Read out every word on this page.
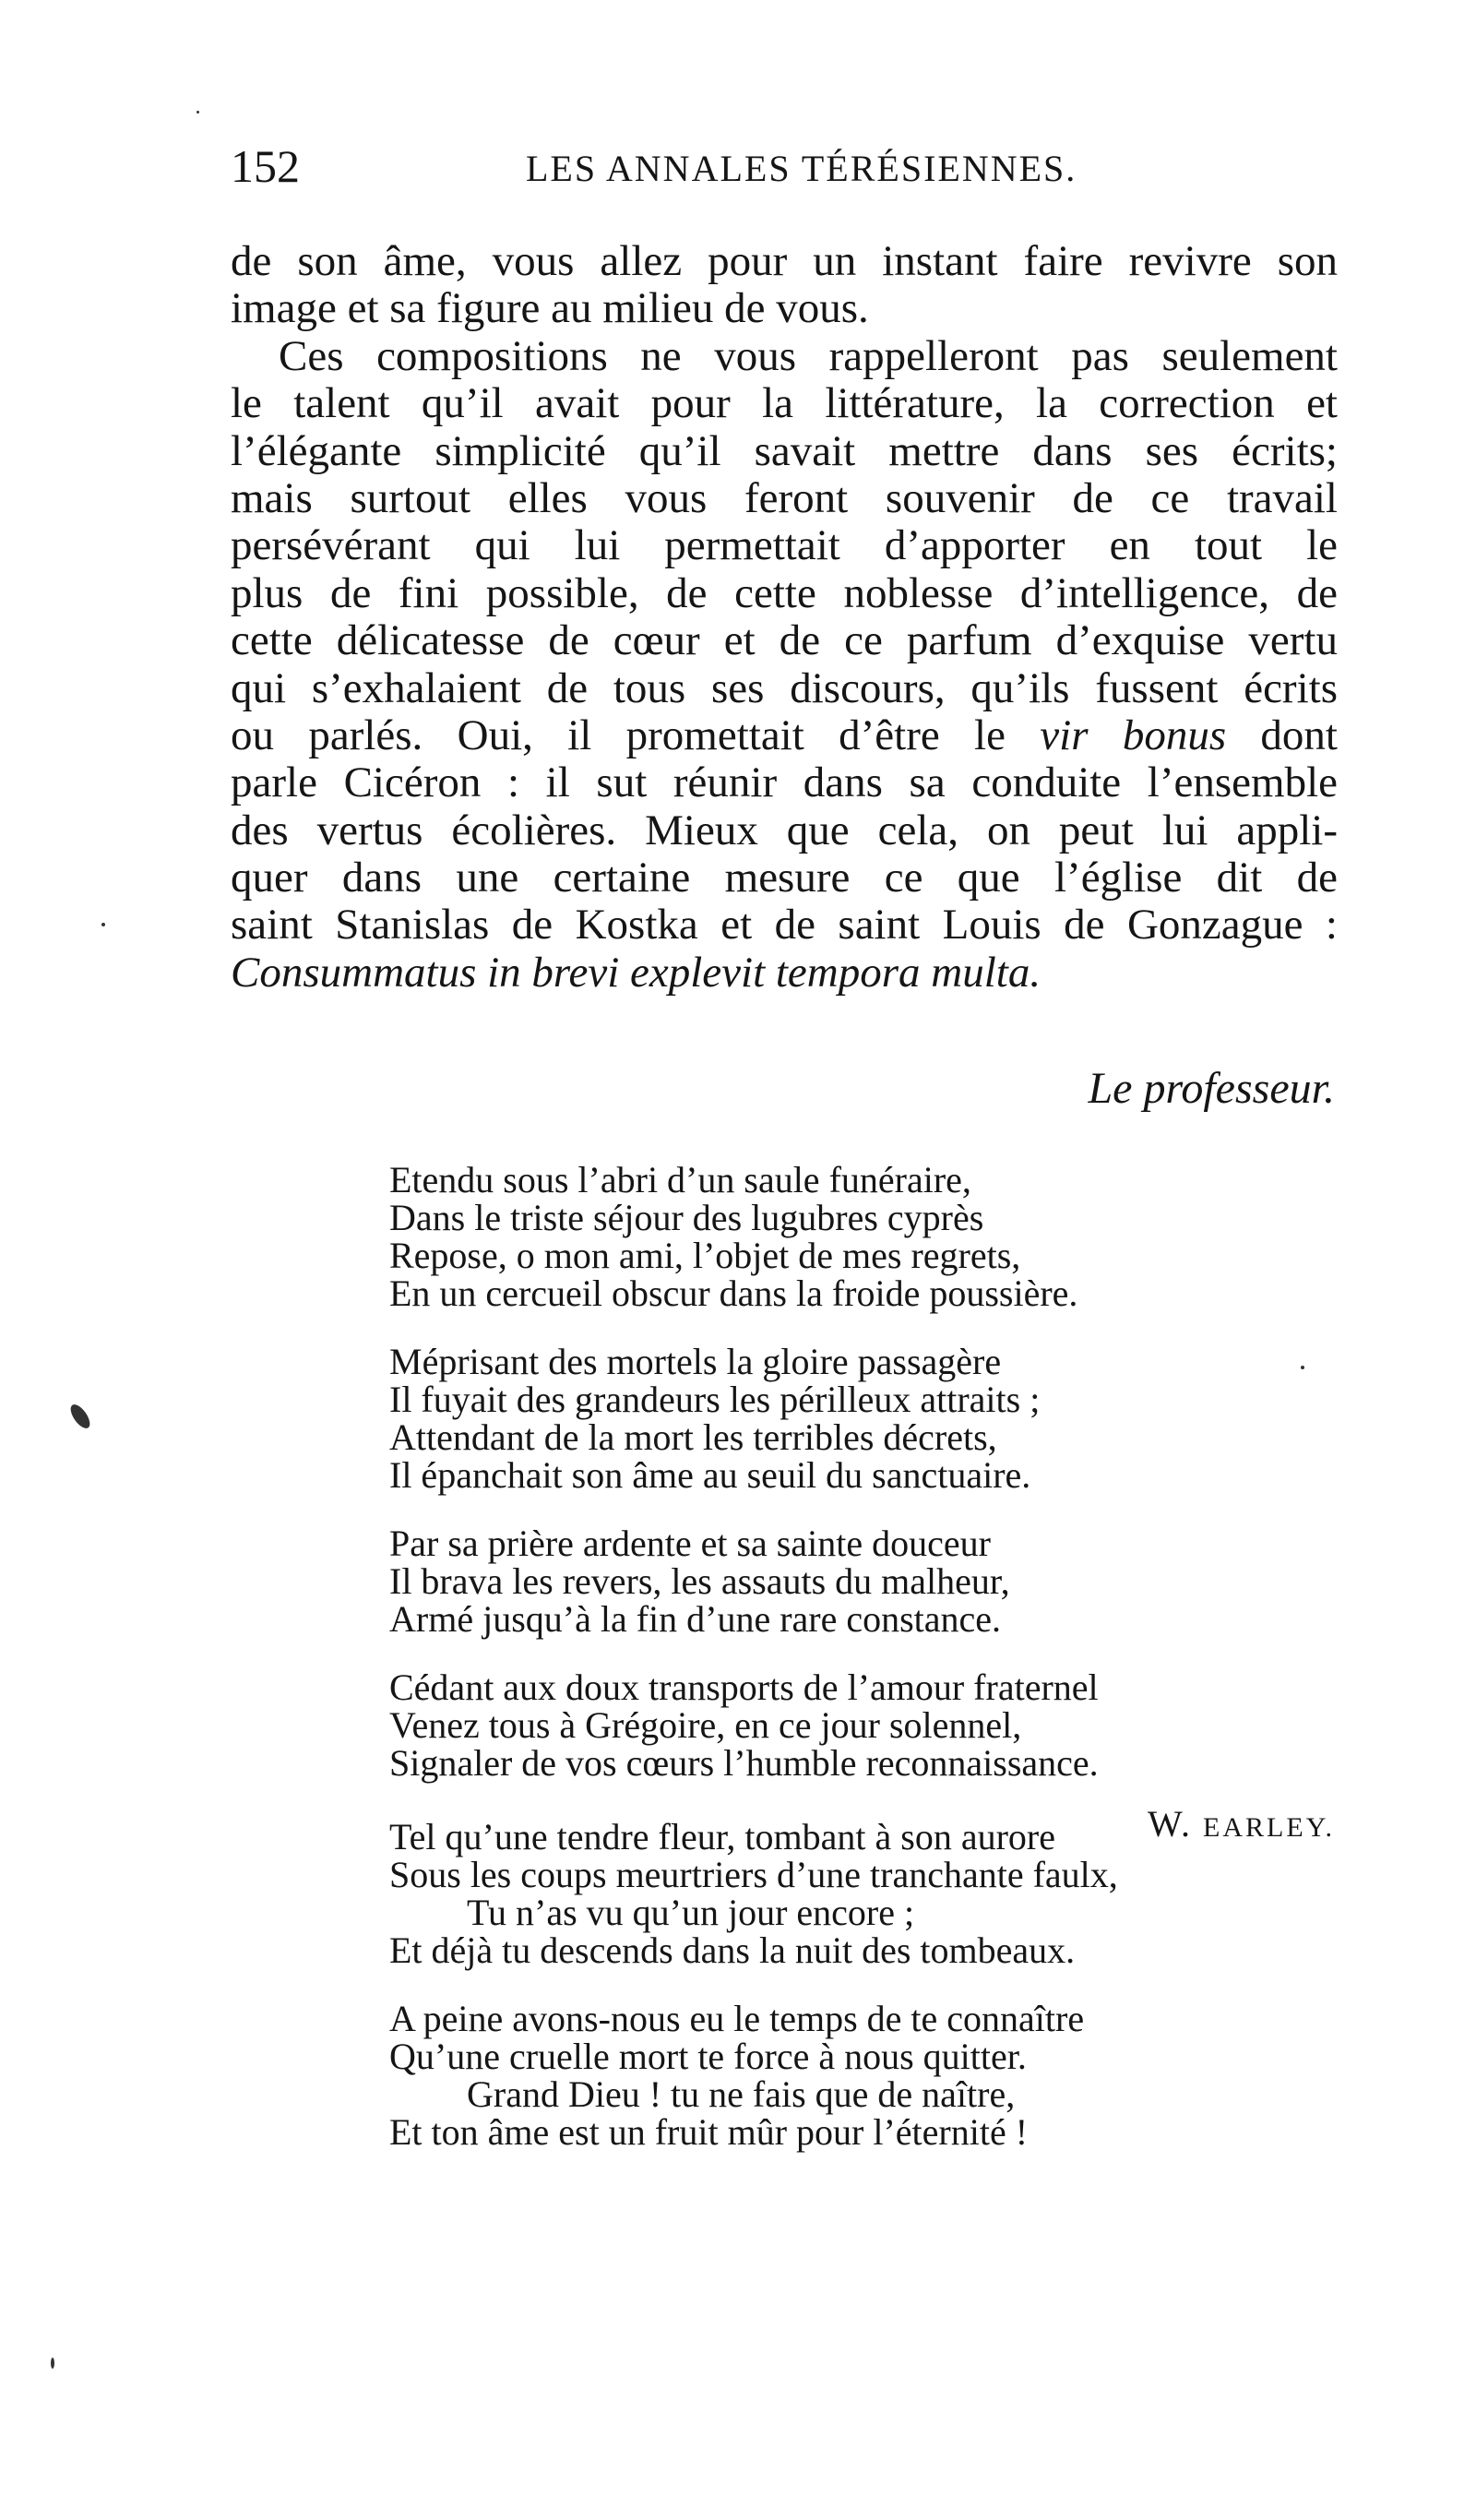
152	LES ANNALES TÉRÉSIENNES.
de son âme, vous allez pour un instant faire revivre son
image et sa figure au milieu de vous.
Ces compositions ne vous rappelleront pas seulement
le talent qu’il avait pour la littérature, la correction et
l’élégante simplicité qu’il savait mettre dans ses écrits;
mais surtout elles vous feront souvenir de ce travail
persévérant qui lui permettait d’apporter en tout le
plus de fini possible, de cette noblesse d’intelligence, de
cette délicatesse de cœur et de ce parfum d’exquise vertu
qui s’exhalaient de tous ses discours, qu’ils fussent écrits
ou parlés. Oui, il promettait d’être le vir bonus dont
parle Cicéron : il sut réunir dans sa conduite l’ensemble
des vertus écolières. Mieux que cela, on peut lui appli-
quer dans une certaine mesure ce que l’église dit de
saint Stanislas de Kostka et de saint Louis de Gonzague :
Consummatus in brevi explevit tempora multa.
Le professeur.
Etendu sous l’abri d’un saule funéraire,
Dans le triste séjour des lugubres cyprès
Repose, o mon ami, l’objet de mes regrets,
En un cercueil obscur dans la froide poussière.
Méprisant des mortels la gloire passagère
Il fuyait des grandeurs les périlleux attraits ;
Attendant de la mort les terribles décrets,
Il épanchait son âme au seuil du sanctuaire.
Par sa prière ardente et sa sainte douceur
Il brava les revers, les assauts du malheur,
Armé jusqu’à la fin d’une rare constance.
Cédant aux doux transports de l’amour fraternel
Venez tous à Grégoire, en ce jour solennel,
Signaler de vos cœurs l’humble reconnaissance.
W. EARLEY.
Tel qu’une tendre fleur, tombant à son aurore
Sous les coups meurtriers d’une tranchante faulx,
Tu n’as vu qu’un jour encore ;
Et déjà tu descends dans la nuit des tombeaux.
A peine avons-nous eu le temps de te connaître
Qu’une cruelle mort te force à nous quitter.
Grand Dieu ! tu ne fais que de naître,
Et ton âme est un fruit mûr pour l’éternité !
